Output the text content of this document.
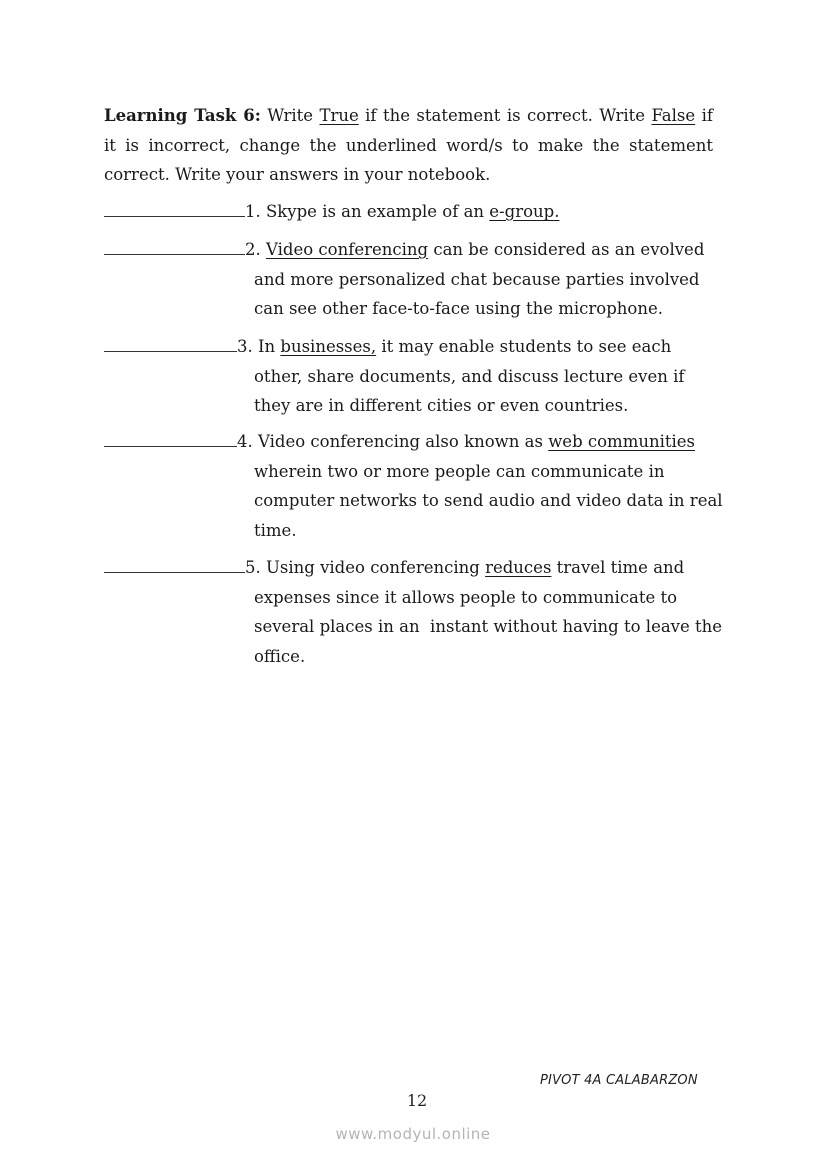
Learning Task 6: Write True if the statement is correct. Write False if it is incorrect, change the underlined word/s to make the statement correct. Write your answers in your notebook.
1. Skype is an example of an e-group.
2. Video conferencing can be considered as an evolved
and more personalized chat because parties involved
can see other face-to-face using the microphone.
3. In businesses, it may enable students to see each
other, share documents, and discuss lecture even if
they are in different cities or even countries.
4. Video conferencing also known as web communities
wherein two or more people can communicate in
computer networks to send audio and video data in real
time.
5. Using video conferencing reduces travel time and
expenses since it allows people to communicate to
several places in an  instant without having to leave the
office.
PIVOT 4A CALABARZON
12
www.modyul.online
